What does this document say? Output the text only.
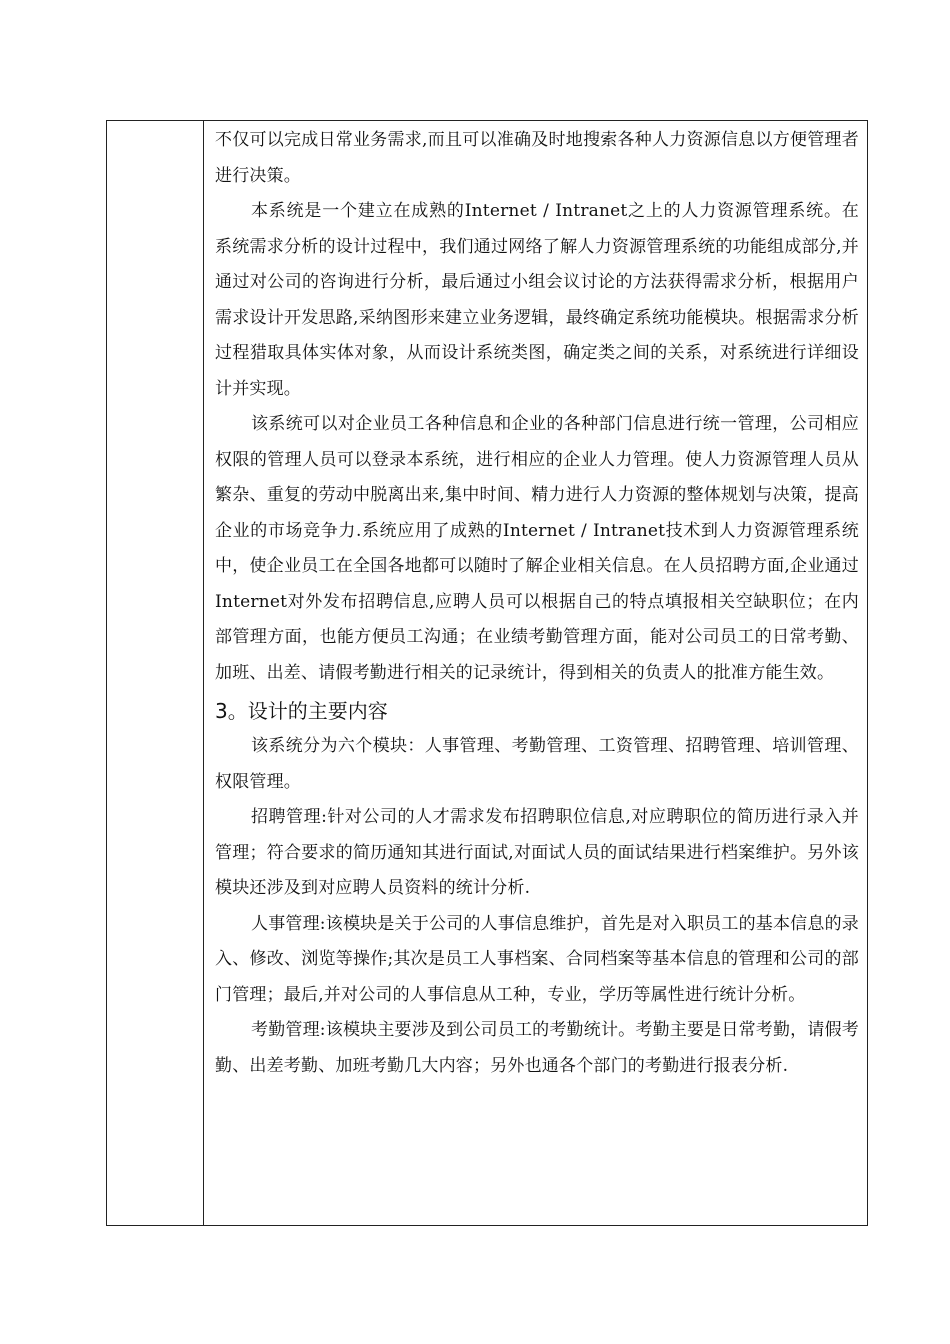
不仅可以完成日常业务需求,而且可以准确及时地搜索各种人力资源信息以方便管理者进行决策。

本系统是一个建立在成熟的Internet / Intranet之上的人力资源管理系统。在系统需求分析的设计过程中，我们通过网络了解人力资源管理系统的功能组成部分,并通过对公司的咨询进行分析，最后通过小组会议讨论的方法获得需求分析，根据用户需求设计开发思路,采纳图形来建立业务逻辑，最终确定系统功能模块。根据需求分析过程猎取具体实体对象，从而设计系统类图，确定类之间的关系，对系统进行详细设计并实现。

该系统可以对企业员工各种信息和企业的各种部门信息进行统一管理，公司相应权限的管理人员可以登录本系统，进行相应的企业人力管理。使人力资源管理人员从繁杂、重复的劳动中脱离出来,集中时间、精力进行人力资源的整体规划与决策，提高企业的市场竞争力.系统应用了成熟的Internet / Intranet技术到人力资源管理系统中，使企业员工在全国各地都可以随时了解企业相关信息。在人员招聘方面,企业通过Internet对外发布招聘信息,应聘人员可以根据自己的特点填报相关空缺职位；在内部管理方面，也能方便员工沟通；在业绩考勤管理方面，能对公司员工的日常考勤、加班、出差、请假考勤进行相关的记录统计，得到相关的负责人的批准方能生效。

3。设计的主要内容

该系统分为六个模块：人事管理、考勤管理、工资管理、招聘管理、培训管理、权限管理。

招聘管理:针对公司的人才需求发布招聘职位信息,对应聘职位的简历进行录入并管理；符合要求的简历通知其进行面试,对面试人员的面试结果进行档案维护。另外该模块还涉及到对应聘人员资料的统计分析.

人事管理:该模块是关于公司的人事信息维护，首先是对入职员工的基本信息的录入、修改、浏览等操作;其次是员工人事档案、合同档案等基本信息的管理和公司的部门管理；最后,并对公司的人事信息从工种，专业，学历等属性进行统计分析。

考勤管理:该模块主要涉及到公司员工的考勤统计。考勤主要是日常考勤，请假考勤、出差考勤、加班考勤几大内容；另外也通各个部门的考勤进行报表分析.
